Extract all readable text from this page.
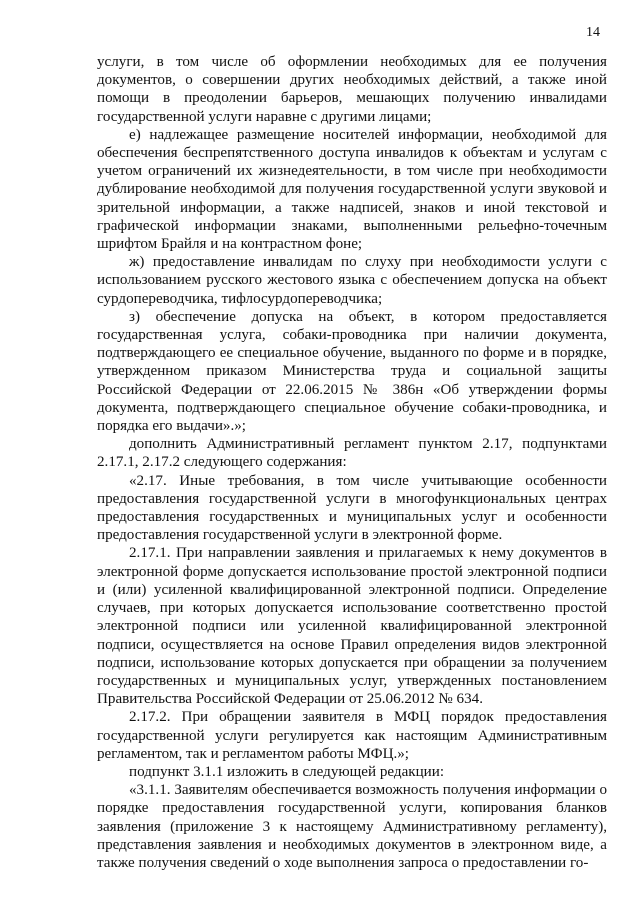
14

услуги, в том числе об оформлении необходимых для ее получения документов, о совершении других необходимых действий, а также иной помощи в преодолении барьеров, мешающих получению инвалидами государственной услуги наравне с другими лицами;

е) надлежащее размещение носителей информации, необходимой для обеспечения беспрепятственного доступа инвалидов к объектам и услугам с учетом ограничений их жизнедеятельности, в том числе при необходимости дублирование необходимой для получения государственной услуги звуковой и зрительной информации, а также надписей, знаков и иной текстовой и графической информации знаками, выполненными рельефно-точечным шрифтом Брайля и на контрастном фоне;

ж) предоставление инвалидам по слуху при необходимости услуги с использованием русского жестового языка с обеспечением допуска на объект сурдопереводчика, тифлосурдопереводчика;

з) обеспечение допуска на объект, в котором предоставляется государственная услуга, собаки-проводника при наличии документа, подтверждающего ее специальное обучение, выданного по форме и в порядке, утвержденном приказом Министерства труда и социальной защиты Российской Федерации от 22.06.2015 № 386н «Об утверждении формы документа, подтверждающего специальное обучение собаки-проводника, и порядка его выдачи».»;

дополнить Административный регламент пунктом 2.17, подпунктами 2.17.1, 2.17.2 следующего содержания:

«2.17. Иные требования, в том числе учитывающие особенности предоставления государственной услуги в многофункциональных центрах предоставления государственных и муниципальных услуг и особенности предоставления государственной услуги в электронной форме.

2.17.1. При направлении заявления и прилагаемых к нему документов в электронной форме допускается использование простой электронной подписи и (или) усиленной квалифицированной электронной подписи. Определение случаев, при которых допускается использование соответственно простой электронной подписи или усиленной квалифицированной электронной подписи, осуществляется на основе Правил определения видов электронной подписи, использование которых допускается при обращении за получением государственных и муниципальных услуг, утвержденных постановлением Правительства Российской Федерации от 25.06.2012 № 634.

2.17.2. При обращении заявителя в МФЦ порядок предоставления государственной услуги регулируется как настоящим Административным регламентом, так и регламентом работы МФЦ.»;

подпункт 3.1.1 изложить в следующей редакции:

«3.1.1. Заявителям обеспечивается возможность получения информации о порядке предоставления государственной услуги, копирования бланков заявления (приложение 3 к настоящему Административному регламенту), представления заявления и необходимых документов в электронном виде, а также получения сведений о ходе выполнения запроса о предоставлении го-
